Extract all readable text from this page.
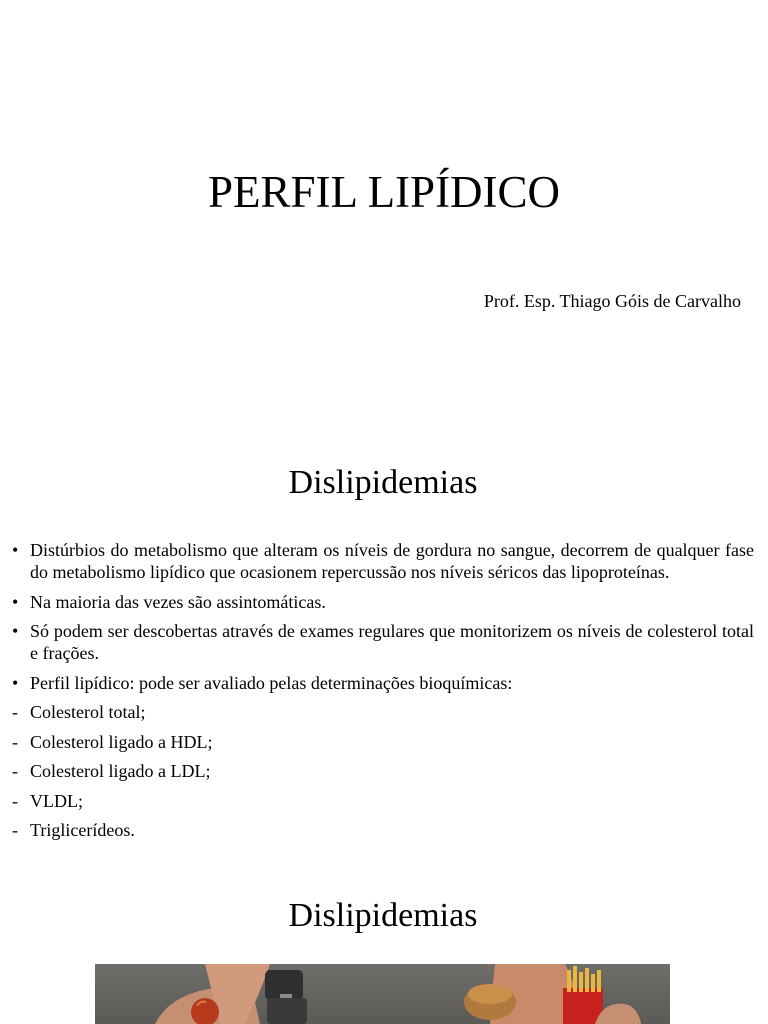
PERFIL LIPÍDICO
Prof. Esp. Thiago Góis de Carvalho
Dislipidemias
• Distúrbios do metabolismo que alteram os níveis de gordura no sangue, decorrem de qualquer fase do metabolismo lipídico que ocasionem repercussão nos níveis séricos das lipoproteínas.
• Na maioria das vezes são assintomáticas.
• Só podem ser descobertas através de exames regulares que monitorizem os níveis de colesterol total e frações.
• Perfil lipídico: pode ser avaliado pelas determinações bioquímicas:
- Colesterol total;
- Colesterol ligado a HDL;
- Colesterol ligado a LDL;
- VLDL;
- Triglicerídeos.
Dislipidemias
